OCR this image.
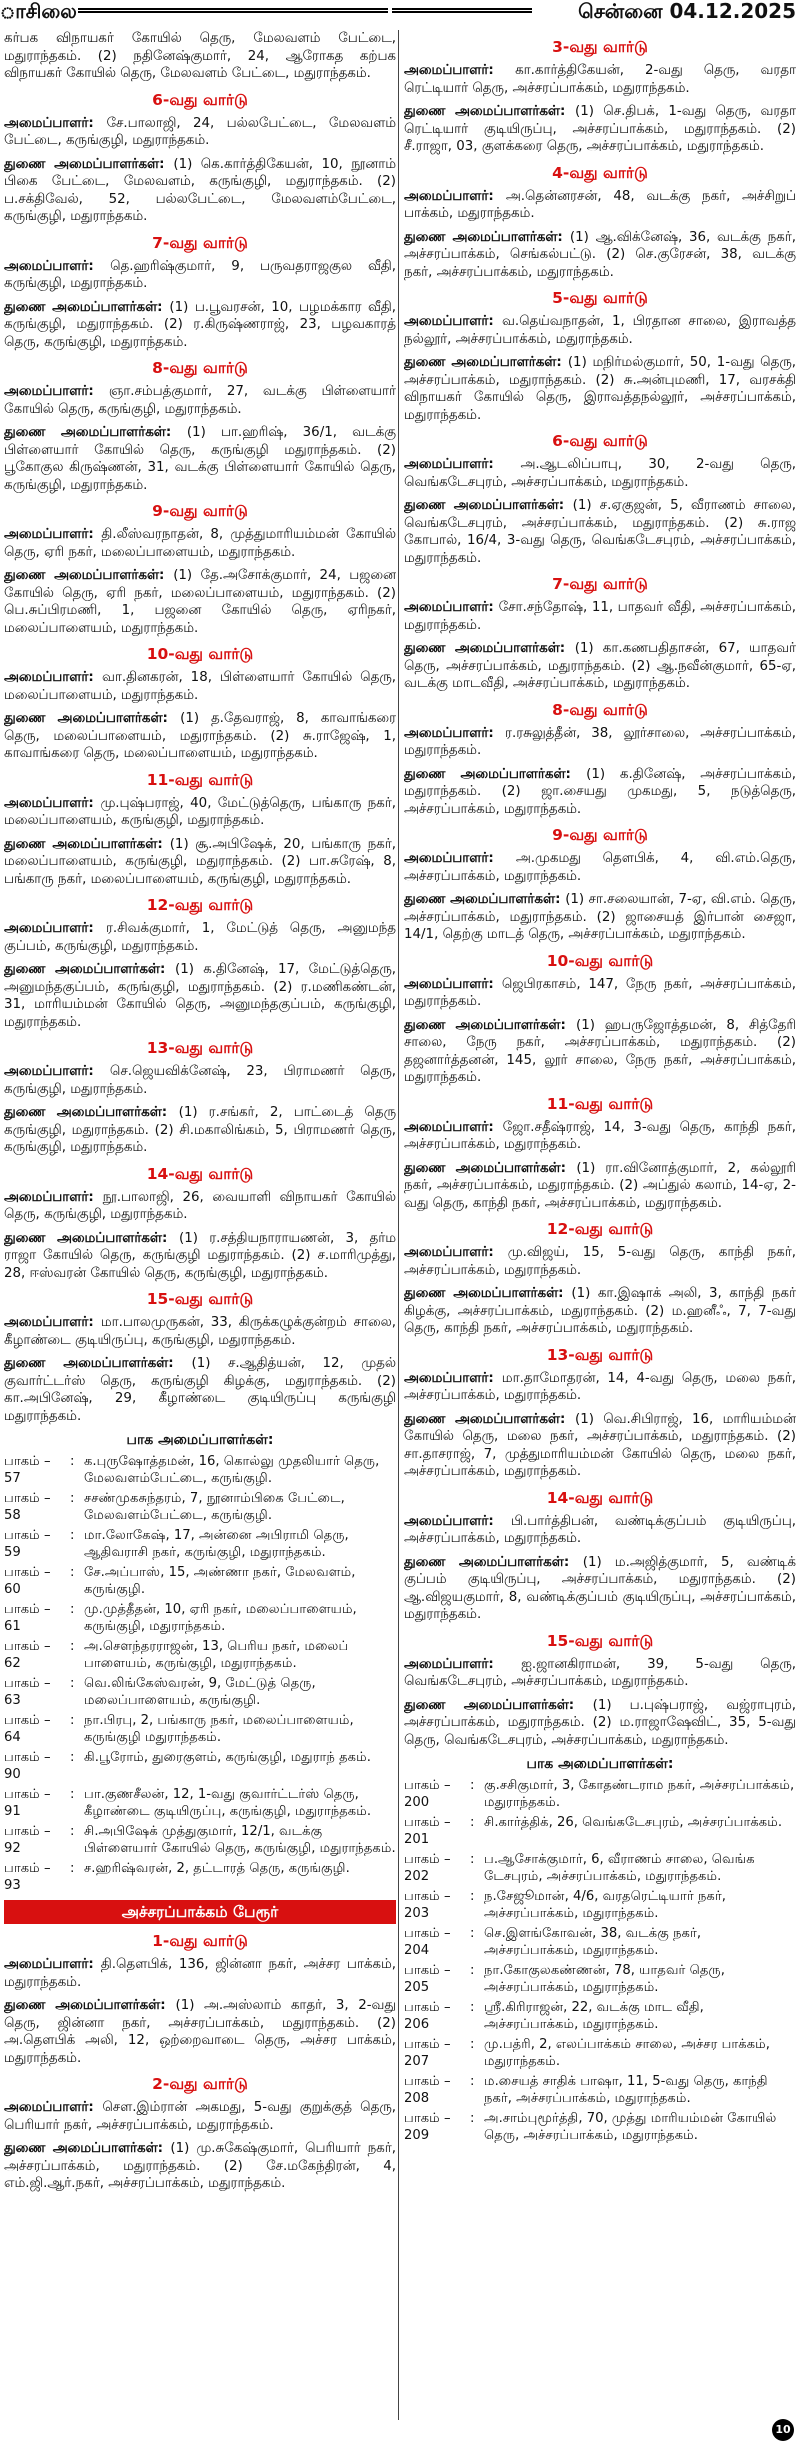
ாசிலை	சென்னை 04.12.2025

கர்பக விநாயகர் கோயில் தெரு, மேலவளம் பேட்டை, மதுராந்தகம். (2) நதினேஷ்குமார், 24, ஆரோகத கற்பக விநாயகர் கோயில் தெரு, மேலவளம் பேட்டை, மதுராந்தகம்.

6-வது வார்டு

அமைப்பாளர்: சே.பாலாஜி, 24, பல்லபேட்டை, மேலவளம் பேட்டை, கருங்குழி, மதுராந்தகம்.

துணை அமைப்பாளர்கள்: (1) கெ.கார்த்திகேயன், 10, நூனாம் பிகை பேட்டை, மேலவளம், கருங்குழி, மதுராந்தகம். (2) ப.சக்திவேல், 52, பல்லபேட்டை, மேலவளம்பேட்டை, கருங்குழி, மதுராந்தகம்.

7-வது வார்டு

அமைப்பாளர்: தெ.ஹரிஷ்குமார், 9, பருவதராஜகுல வீதி, கருங்குழி, மதுராந்தகம்.

துணை அமைப்பாளர்கள்: (1) ப.பூவரசன், 10, பழமக்கார வீதி, கருங்குழி, மதுராந்தகம். (2) ர.கிருஷ்ணராஜ், 23, பழவகாரத் தெரு, கருங்குழி, மதுராந்தகம்.

8-வது வார்டு

அமைப்பாளர்: ஞா.சம்பத்குமார், 27, வடக்கு பிள்ளையார் கோயில் தெரு, கருங்குழி, மதுராந்தகம்.

துணை அமைப்பாளர்கள்: (1) பா.ஹரிஷ், 36/1, வடக்கு பிள்ளையார் கோயில் தெரு, கருங்குழி மதுராந்தகம். (2) பூகோகுல கிருஷ்ணன், 31, வடக்கு பிள்ளையார் கோயில் தெரு, கருங்குழி, மதுராந்தகம்.

9-வது வார்டு

அமைப்பாளர்: தி.லீஸ்வரநாதன், 8, முத்துமாரியம்மன் கோயில் தெரு, ஏரி நகர், மலைப்பாளையம், மதுராந்தகம்.

துணை அமைப்பாளர்கள்: (1) தே.அசோக்குமார், 24, பஜனை கோயில் தெரு, ஏரி நகர், மலைப்பாளையம், மதுராந்தகம். (2) பெ.சுப்பிரமணி, 1, பஜனை கோயில் தெரு, ஏரிநகர், மலைப்பாளையம், மதுராந்தகம்.

10-வது வார்டு

அமைப்பாளர்: வா.தினகரன், 18, பிள்ளையார் கோயில் தெரு, மலைப்பாளையம், மதுராந்தகம்.

துணை அமைப்பாளர்கள்: (1) த.தேவராஜ், 8, காவாங்கரை தெரு, மலைப்பாளையம், மதுராந்தகம். (2) சு.ராஜேஷ், 1, காவாங்கரை தெரு, மலைப்பாளையம், மதுராந்தகம்.

11-வது வார்டு

அமைப்பாளர்: மு.புஷ்பராஜ், 40, மேட்டுத்தெரு, பங்காரு நகர், மலைப்பாளையம், கருங்குழி, மதுராந்தகம்.

துணை அமைப்பாளர்கள்: (1) சூ.அபிஷேக், 20, பங்காரு நகர், மலைப்பாளையம், கருங்குழி, மதுராந்தகம். (2) பா.சுரேஷ், 8, பங்காரு நகர், மலைப்பாளையம், கருங்குழி, மதுராந்தகம்.

12-வது வார்டு

அமைப்பாளர்: ர.சிவக்குமார், 1, மேட்டுத் தெரு, அனுமந்த குப்பம், கருங்குழி, மதுராந்தகம்.

துணை அமைப்பாளர்கள்: (1) க.தினேஷ், 17, மேட்டுத்தெரு, அனுமந்தகுப்பம், கருங்குழி, மதுராந்தகம். (2) ர.மணிகண்டன், 31, மாரியம்மன் கோயில் தெரு, அனுமந்தகுப்பம், கருங்குழி, மதுராந்தகம்.

13-வது வார்டு

அமைப்பாளர்: செ.ஜெயவிக்னேஷ், 23, பிராமணர் தெரு, கருங்குழி, மதுராந்தகம்.

துணை அமைப்பாளர்கள்: (1) ர.சங்கர், 2, பாட்டைத் தெரு கருங்குழி, மதுராந்தகம். (2) சி.மகாலிங்கம், 5, பிராமணர் தெரு, கருங்குழி, மதுராந்தகம்.

14-வது வார்டு

அமைப்பாளர்: நூ.பாலாஜி, 26, வையாளி விநாயகர் கோயில் தெரு, கருங்குழி, மதுராந்தகம்.

துணை அமைப்பாளர்கள்: (1) ர.சத்தியநாராயணன், 3, தர்ம ராஜா கோயில் தெரு, கருங்குழி மதுராந்தகம். (2) ச.மாரிமுத்து, 28, ஈஸ்வரன் கோயில் தெரு, கருங்குழி, மதுராந்தகம்.

15-வது வார்டு

அமைப்பாளர்: மா.பாலமுருகன், 33, கிருக்கழுக்குன்றம் சாலை, கீழாண்டை குடியிருப்பு, கருங்குழி, மதுராந்தகம்.

துணை அமைப்பாளர்கள்: (1) ச.ஆதித்யன், 12, முதல் குவார்ட்டர்ஸ் தெரு, கருங்குழி கிழக்கு, மதுராந்தகம். (2) கா.அபினேஷ், 29, கீழாண்டை குடியிருப்பு கருங்குழி மதுராந்தகம்.

பாக அமைப்பாளர்கள்:
பாகம் – 57
: க.புருஷோத்தமன், 16, கொல்லு முதலியார் தெரு, மேலவளம்பேட்டை, கருங்குழி.
பாகம் – 58
: சசண்முகசுந்தரம், 7, நூனாம்பிகை பேட்டை, மேலவளம்பேட்டை, கருங்குழி.
பாகம் – 59
: மா.லோகேஷ், 17, அன்னை அபிராமி தெரு, ஆதிவராசி நகர், கருங்குழி, மதுராந்தகம்.
பாகம் – 60
: சே.அப்பாஸ், 15, அண்ணா நகர், மேலவளம், கருங்குழி.
பாகம் – 61
: மு.முத்தீதன், 10, ஏரி நகர், மலைப்பாளையம், கருங்குழி, மதுராந்தகம்.
பாகம் – 62
: அ.செளந்தரராஜன், 13, பெரிய நகர், மலைப் பாளையம், கருங்குழி, மதுராந்தகம்.
பாகம் – 63
: வெ.லிங்கேஸ்வரன், 9, மேட்டுத் தெரு, மலைப்பாளையம், கருங்குழி.
பாகம் – 64
: நா.பிரபு, 2, பங்காரு நகர், மலைப்பாளையம், கருங்குழி மதுராந்தகம்.
பாகம் – 90
: கி.பூரோம், துரைகுளம், கருங்குழி, மதுராந் தகம்.
பாகம் – 91
: பா.குணசீலன், 12, 1-வது குவார்ட்டர்ஸ் தெரு, கீழாண்டை குடியிருப்பு, கருங்குழி, மதுராந்தகம்.
பாகம் – 92
: சி.அபிஷேக் முத்துகுமார், 12/1, வடக்கு பிள்ளையார் கோயில் தெரு, கருங்குழி, மதுராந்தகம்.
பாகம் – 93
: ச.ஹரிஷ்வரன், 2, தட்டாரத் தெரு, கருங்குழி.
அச்சரப்பாக்கம் பேரூர்
1-வது வார்டு

அமைப்பாளர்: தி.தெளபிக், 136, ஜின்னா நகர், அச்சர பாக்கம், மதுராந்தகம்.

துணை அமைப்பாளர்கள்: (1) அ.அஸ்லாம் காதர், 3, 2-வது தெரு, ஜின்னா நகர், அச்சரப்பாக்கம், மதுராந்தகம். (2) அ.தெளபிக் அலி, 12, ஒற்றைவாடை தெரு, அச்சர பாக்கம், மதுராந்தகம்.

2-வது வார்டு

அமைப்பாளர்: செள.இம்ரான் அகமது, 5-வது குறுக்குத் தெரு, பெரியார் நகர், அச்சரப்பாக்கம், மதுராந்தகம்.

துணை அமைப்பாளர்கள்: (1) மு.சுகேஷ்குமார், பெரியார் நகர், அச்சரப்பாக்கம், மதுராந்தகம். (2) சே.மகேந்திரன், 4, எம்.ஜி.ஆர்.நகர், அச்சரப்பாக்கம், மதுராந்தகம்.

3-வது வார்டு

அமைப்பாளர்: கா.கார்த்திகேயன், 2-வது தெரு, வரதா ரெட்டியார் தெரு, அச்சரப்பாக்கம், மதுராந்தகம்.

துணை அமைப்பாளர்கள்: (1) செ.திபக், 1-வது தெரு, வரதா ரெட்டியார் குடியிருப்பு, அச்சரப்பாக்கம், மதுராந்தகம். (2) சீ.ராஜா, 03, குளக்கரை தெரு, அச்சரப்பாக்கம், மதுராந்தகம்.

4-வது வார்டு

அமைப்பாளர்: அ.தென்னரசன், 48, வடக்கு நகர், அச்சிறுப் பாக்கம், மதுராந்தகம்.

துணை அமைப்பாளர்கள்: (1) ஆ.விக்னேஷ், 36, வடக்கு நகர், அச்சரப்பாக்கம், செங்கல்பட்டு. (2) செ.குரேசன், 38, வடக்கு நகர், அச்சரப்பாக்கம், மதுராந்தகம்.

5-வது வார்டு

அமைப்பாளர்: வ.தெய்வநாதன், 1, பிரதான சாலை, இராவத்த நல்லூர், அச்சரப்பாக்கம், மதுராந்தகம்.

துணை அமைப்பாளர்கள்: (1) மநிர்மல்குமார், 50, 1-வது தெரு, அச்சரப்பாக்கம், மதுராந்தகம். (2) சு.அன்புமணி, 17, வரசக்தி விநாயகர் கோயில் தெரு, இராவத்தநல்லூர், அச்சரப்பாக்கம், மதுராந்தகம்.

6-வது வார்டு

அமைப்பாளர்: அ.ஆடலிப்பாபு, 30, 2-வது தெரு, வெங்கடேசபுரம், அச்சரப்பாக்கம், மதுராந்தகம்.

துணை அமைப்பாளர்கள்: (1) ச.ஏகுஜன், 5, வீராணம் சாலை, வெங்கடேசபுரம், அச்சரப்பாக்கம், மதுராந்தகம். (2) சு.ராஜ கோபால், 16/4, 3-வது தெரு, வெங்கடேசபுரம், அச்சரப்பாக்கம், மதுராந்தகம்.

7-வது வார்டு

அமைப்பாளர்: சோ.சந்தோஷ், 11, பாதவர் வீதி, அச்சரப்பாக்கம், மதுராந்தகம்.

துணை அமைப்பாளர்கள்: (1) கா.கணபதிதாசன், 67, யாதவர் தெரு, அச்சரப்பாக்கம், மதுராந்தகம். (2) ஆ.நவீன்குமார், 65-ஏ, வடக்கு மாடவீதி, அச்சரப்பாக்கம், மதுராந்தகம்.

8-வது வார்டு

அமைப்பாளர்: ர.ரசுலுத்தீன், 38, லூர்சாலை, அச்சரப்பாக்கம், மதுராந்தகம்.

துணை அமைப்பாளர்கள்: (1) க.தினேஷ், அச்சரப்பாக்கம், மதுராந்தகம். (2) ஜா.சையது முகமது, 5, நடுத்தெரு, அச்சரப்பாக்கம், மதுராந்தகம்.

9-வது வார்டு

அமைப்பாளர்: அ.முகமது தௌபிக், 4, வி.எம்.தெரு, அச்சரப்பாக்கம், மதுராந்தகம்.

துணை அமைப்பாளர்கள்: (1) சா.சலையான், 7-ஏ, வி.எம். தெரு, அச்சரப்பாக்கம், மதுராந்தகம். (2) ஜாசையத் இர்பான் சைஜா, 14/1, தெற்கு மாடத் தெரு, அச்சரப்பாக்கம், மதுராந்தகம்.

10-வது வார்டு

அமைப்பாளர்: ஜெபிரகாசம், 147, நேரு நகர், அச்சரப்பாக்கம், மதுராந்தகம்.

துணை அமைப்பாளர்கள்: (1) ஹபருஜோத்தமன், 8, சித்தேரி சாலை, நேரு நகர், அச்சரப்பாக்கம், மதுராந்தகம். (2) தஜனார்த்தனன், 145, லூர் சாலை, நேரு நகர், அச்சரப்பாக்கம், மதுராந்தகம்.

11-வது வார்டு

அமைப்பாளர்: ஜோ.சதீஷ்ராஜ், 14, 3-வது தெரு, காந்தி நகர், அச்சரப்பாக்கம், மதுராந்தகம்.

துணை அமைப்பாளர்கள்: (1) ரா.வினோத்குமார், 2, கல்லூரி நகர், அச்சரப்பாக்கம், மதுராந்தகம். (2) அப்துல் கலாம், 14-ஏ, 2-வது தெரு, காந்தி நகர், அச்சரப்பாக்கம், மதுராந்தகம்.

12-வது வார்டு

அமைப்பாளர்: மு.விஜய், 15, 5-வது தெரு, காந்தி நகர், அச்சரப்பாக்கம், மதுராந்தகம்.

துணை அமைப்பாளர்கள்: (1) கா.இஷாக் அலி, 3, காந்தி நகர் கிழக்கு, அச்சரப்பாக்கம், மதுராந்தகம். (2) ம.ஹனீஃ, 7, 7-வது தெரு, காந்தி நகர், அச்சரப்பாக்கம், மதுராந்தகம்.

13-வது வார்டு

அமைப்பாளர்: மா.தாமோதரன், 14, 4-வது தெரு, மலை நகர், அச்சரப்பாக்கம், மதுராந்தகம்.

துணை அமைப்பாளர்கள்: (1) வெ.சிபிராஜ், 16, மாரியம்மன் கோயில் தெரு, மலை நகர், அச்சரப்பாக்கம், மதுராந்தகம். (2) சா.தாசராஜ், 7, முத்துமாரியம்மன் கோயில் தெரு, மலை நகர், அச்சரப்பாக்கம், மதுராந்தகம்.

14-வது வார்டு

அமைப்பாளர்: பி.பார்த்திபன், வண்டிக்குப்பம் குடியிருப்பு, அச்சரப்பாக்கம், மதுராந்தகம்.

துணை அமைப்பாளர்கள்: (1) ம.அஜித்குமார், 5, வண்டிக் குப்பம் குடியிருப்பு, அச்சரப்பாக்கம், மதுராந்தகம். (2) ஆ.விஜயகுமார், 8, வண்டிக்குப்பம் குடியிருப்பு, அச்சரப்பாக்கம், மதுராந்தகம்.

15-வது வார்டு

அமைப்பாளர்: ஐ.ஜானகிராமன், 39, 5-வது தெரு, வெங்கடேசபுரம், அச்சரப்பாக்கம், மதுராந்தகம்.

துணை அமைப்பாளர்கள்: (1) ப.புஷ்பராஜ், வஜ்ராபுரம், அச்சரப்பாக்கம், மதுராந்தகம். (2) ம.ராஜாஷேவிட், 35, 5-வது தெரு, வெங்கடேசபுரம், அச்சரப்பாக்கம், மதுராந்தகம்.

பாக அமைப்பாளர்கள்:
பாகம் – 200
: கு.சசிகுமார், 3, கோதண்டராம நகர், அச்சரப்பாக்கம், மதுராந்தகம்.
பாகம் – 201
: சி.கார்த்திக், 26, வெங்கடேசபுரம், அச்சரப்பாக்கம்.
பாகம் – 202
: ப.ஆசோக்குமார், 6, வீராணம் சாலை, வெங்க டேசபுரம், அச்சரப்பாக்கம், மதுராந்தகம்.
பாகம் – 203
: ந.சேஜூமான், 4/6, வரதரெட்டியார் நகர், அச்சரப்பாக்கம், மதுராந்தகம்.
பாகம் – 204
: செ.இளங்கோவன், 38, வடக்கு நகர், அச்சரப்பாக்கம், மதுராந்தகம்.
பாகம் – 205
: நா.கோகுலகண்ணன், 78, யாதவர் தெரு, அச்சரப்பாக்கம், மதுராந்தகம்.
பாகம் – 206
: ஸ்ரீ.கிரிராஜன், 22, வடக்கு மாட வீதி, அச்சரப்பாக்கம், மதுராந்தகம்.
பாகம் – 207
: மு.பத்ரி, 2, எலப்பாக்கம் சாலை, அச்சர பாக்கம், மதுராந்தகம்.
பாகம் – 208
: ம.சையத் சாதிக் பாஷா, 11, 5-வது தெரு, காந்தி நகர், அச்சரப்பாக்கம், மதுராந்தகம்.
பாகம் – 209
: அ.சாம்புமூர்த்தி, 70, முத்து மாரியம்மன் கோயில் தெரு, அச்சரப்பாக்கம், மதுராந்தகம்.
10
